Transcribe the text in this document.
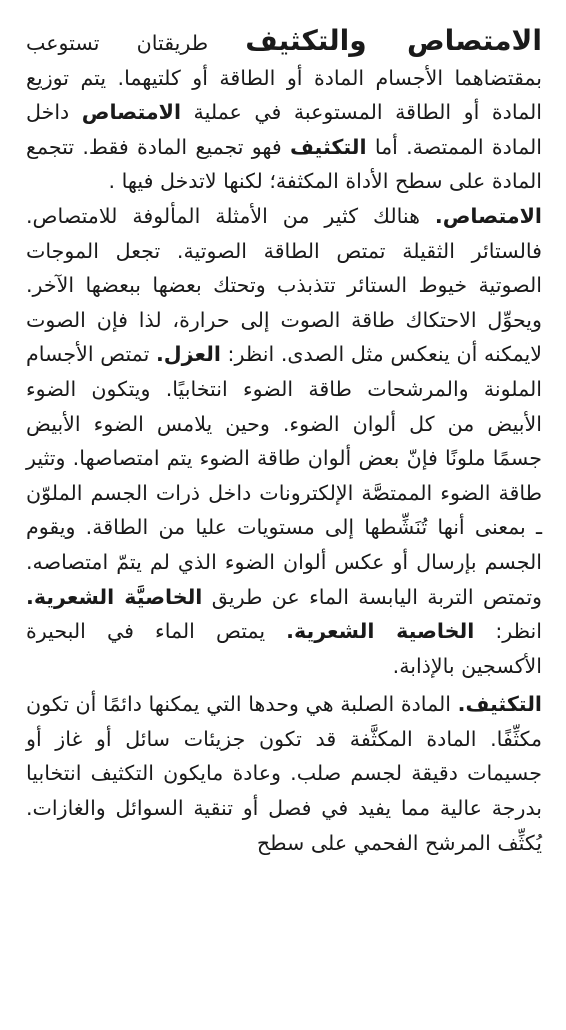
الامتصاص والتكثيف طريقتان تستوعب بمقتضاهما الأجسام المادة أو الطاقة أو كلتيهما. يتم توزيع المادة أو الطاقة المستوعبة في عملية الامتصاص داخل المادة الممتصة. أما التكثيف فهو تجميع المادة فقط. تتجمع المادة على سطح الأداة المكثفة؛ لكنها لاتدخل فيها .

الامتصاص. هنالك كثير من الأمثلة المألوفة للامتصاص. فالستائر الثقيلة تمتص الطاقة الصوتية. تجعل الموجات الصوتية خيوط الستائر تتذبذب وتحتك بعضها ببعضها الآخر. ويحوِّل الاحتكاك طاقة الصوت إلى حرارة، لذا فإن الصوت لايمكنه أن ينعكس مثل الصدى. انظر: العزل. تمتص الأجسام الملونة والمرشحات طاقة الضوء انتخابيًا. ويتكون الضوء الأبيض من كل ألوان الضوء. وحين يلامس الضوء الأبيض جسمًا ملونًا فإنّ بعض ألوان طاقة الضوء يتم امتصاصها. وتثير طاقة الضوء الممتصَّة الإلكترونات داخل ذرات الجسم الملوّن ـ بمعنى أنها تُنَشِّطها إلى مستويات عليا من الطاقة. ويقوم الجسم بإرسال أو عكس ألوان الضوء الذي لم يتمّ امتصاصه. وتمتص التربة اليابسة الماء عن طريق الخاصيَّة الشعرية. انظر: الخاصية الشعرية. يمتص الماء في البحيرة الأكسجين بالإذابة.

التكثيف. المادة الصلبة هي وحدها التي يمكنها دائمًا أن تكون مكثِّفًا. المادة المكثَّفة قد تكون جزيئات سائل أو غاز أو جسيمات دقيقة لجسم صلب. وعادة مايكون التكثيف انتخابيا بدرجة عالية مما يفيد في فصل أو تنقية السوائل والغازات. يُكثِّف المرشح الفحمي على سطح
